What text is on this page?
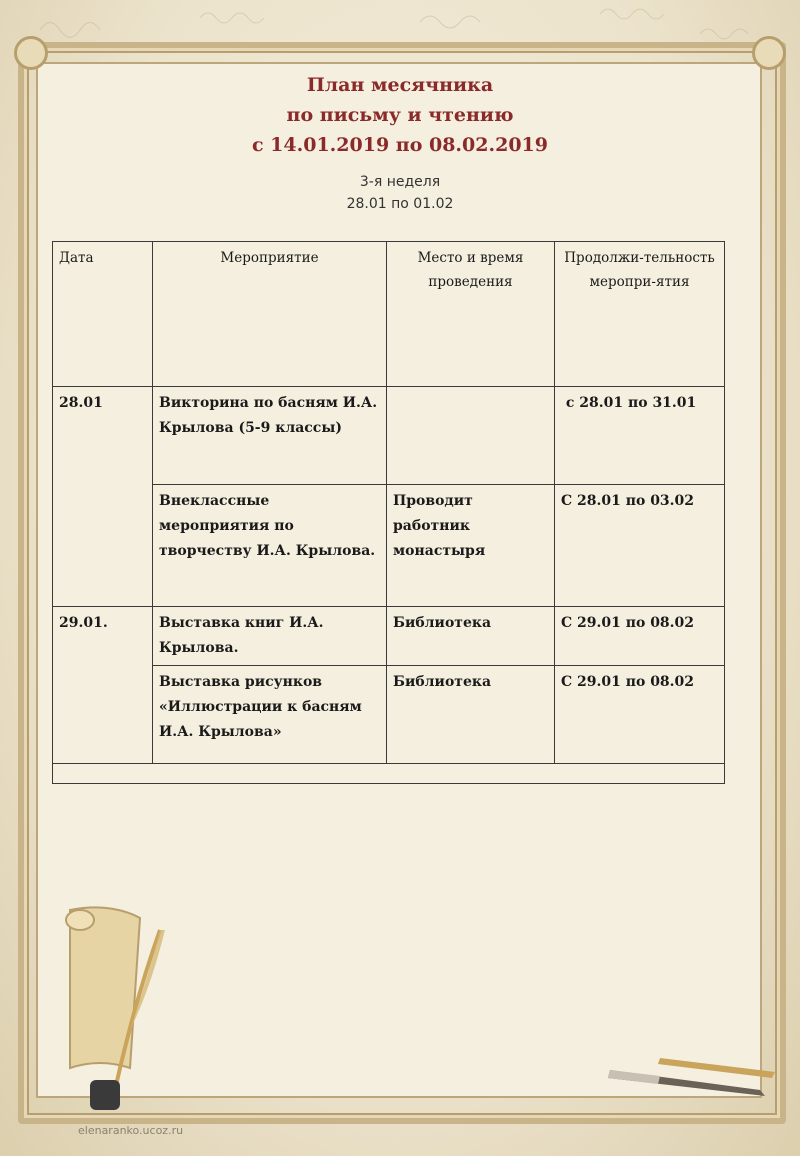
План месячника
по письму и чтению
с 14.01.2019 по 08.02.2019
3-я неделя
28.01 по 01.02
Дата	Мероприятие	Место и время проведения	Продолжи-тельность меропри-ятия
28.01	Викторина по басням И.А. Крылова (5-9 классы)		с 28.01 по 31.01
	Внеклассные мероприятия по творчеству И.А. Крылова.	Проводит работник монастыря	С 28.01 по 03.02
29.01.	Выставка книг И.А. Крылова.	Библиотека	С 29.01 по 08.02
	Выставка рисунков «Иллюстрации к басням И.А. Крылова»	Библиотека	С 29.01 по 08.02

elenaranko.ucoz.ru
